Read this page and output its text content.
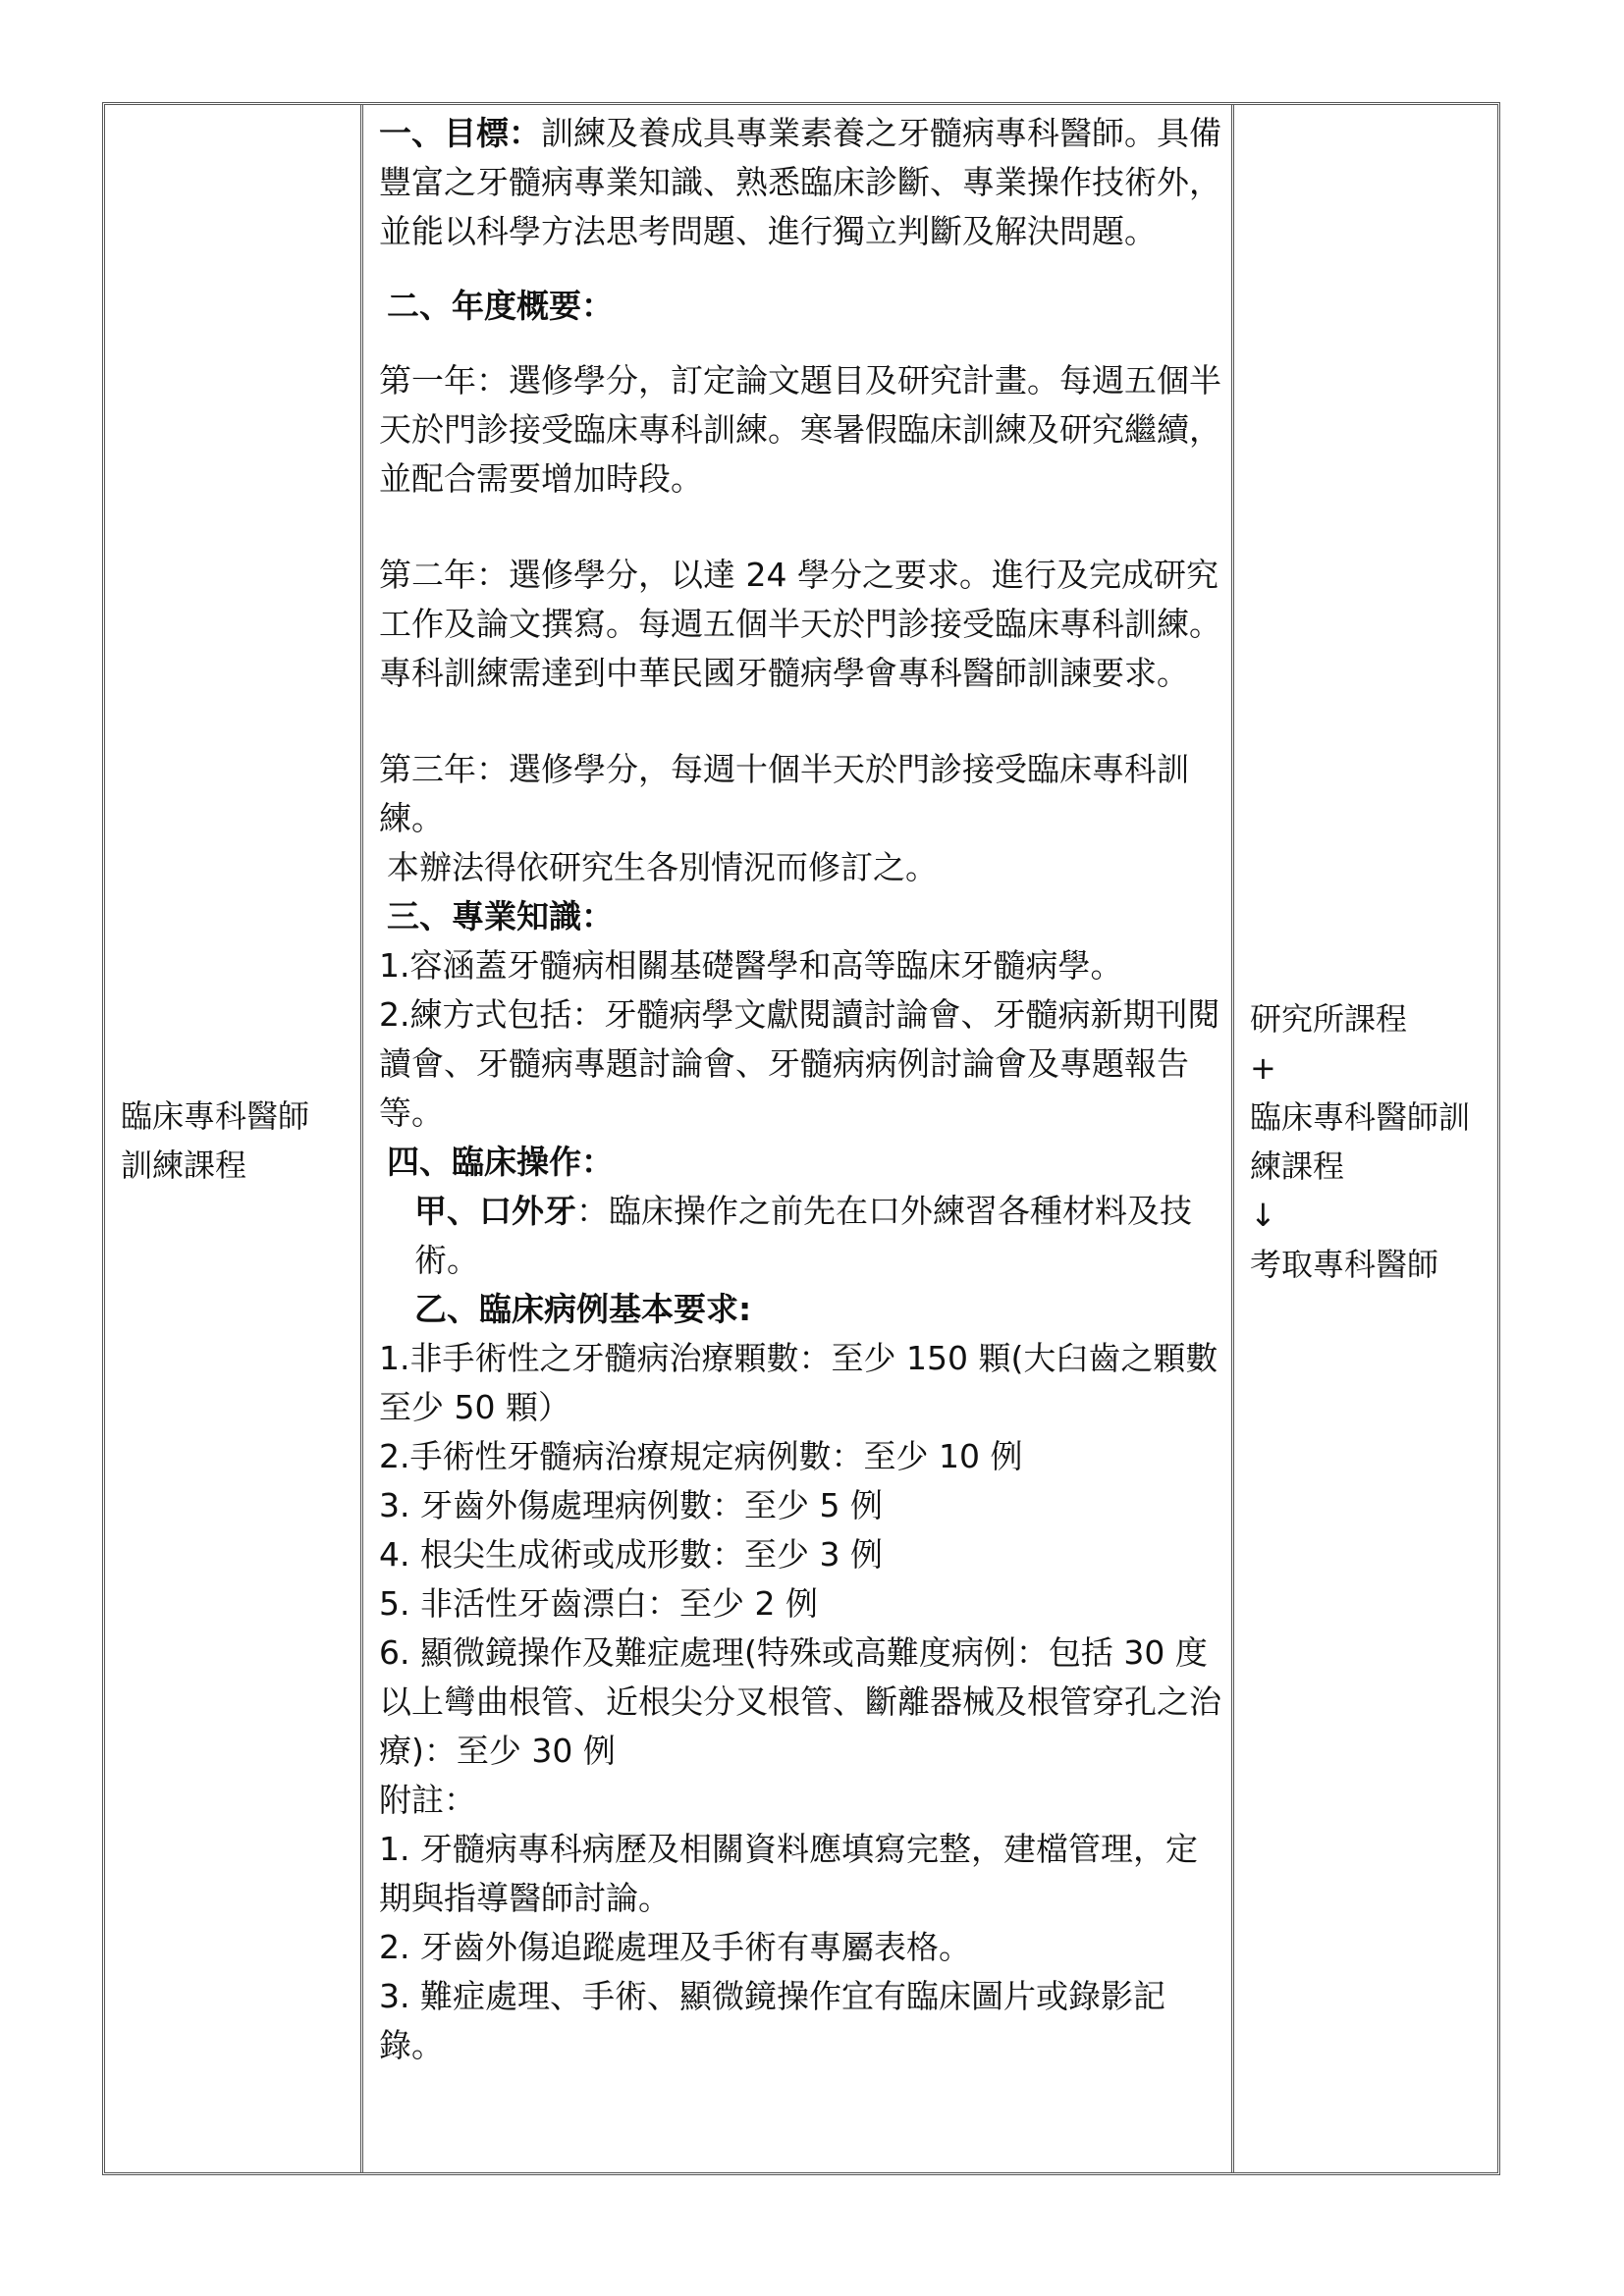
臨床專科醫師
訓練課程

一、目標：訓練及養成具專業素養之牙髓病專科醫師。具備豐富之牙髓病專業知識、熟悉臨床診斷、專業操作技術外，並能以科學方法思考問題、進行獨立判斷及解決問題。

二、年度概要：

第一年：選修學分，訂定論文題目及研究計畫。每週五個半天於門診接受臨床專科訓練。寒暑假臨床訓練及研究繼續，並配合需要增加時段。

第二年：選修學分，以達 24 學分之要求。進行及完成研究工作及論文撰寫。每週五個半天於門診接受臨床專科訓練。專科訓練需達到中華民國牙髓病學會專科醫師訓諫要求。

第三年：選修學分，每週十個半天於門診接受臨床專科訓練。

本辦法得依研究生各別情況而修訂之。

三、專業知識：

1.容涵蓋牙髓病相關基礎醫學和高等臨床牙髓病學。

2.練方式包括：牙髓病學文獻閱讀討論會、牙髓病新期刊閱讀會、牙髓病專題討論會、牙髓病病例討論會及專題報告等。

四、臨床操作：

甲、口外牙：臨床操作之前先在口外練習各種材料及技術。

乙、臨床病例基本要求:

1.非手術性之牙髓病治療顆數：至少 150 顆(大臼齒之顆數至少 50 顆）

2.手術性牙髓病治療規定病例數：至少 10 例

3. 牙齒外傷處理病例數：至少 5 例

4. 根尖生成術或成形數：至少 3 例

5. 非活性牙齒漂白：至少 2 例

6. 顯微鏡操作及難症處理(特殊或高難度病例：包括 30 度以上彎曲根管、近根尖分叉根管、斷離器械及根管穿孔之治療)：至少 30 例

附註：

1. 牙髓病專科病歷及相關資料應填寫完整，建檔管理，定期與指導醫師討論。

2. 牙齒外傷追蹤處理及手術有專屬表格。

3. 難症處理、手術、顯微鏡操作宜有臨床圖片或錄影記錄。

研究所課程
+
臨床專科醫師訓
練課程
↓
考取專科醫師
